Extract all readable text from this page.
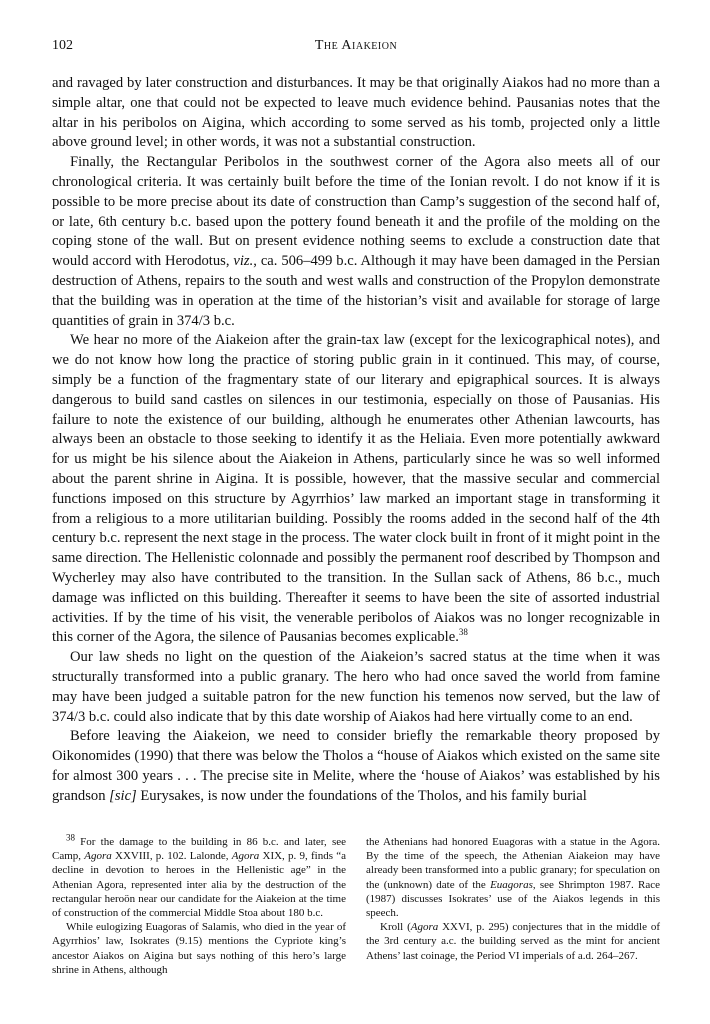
102	The Aiakeion

and ravaged by later construction and disturbances. It may be that originally Aiakos had no more than a simple altar, one that could not be expected to leave much evidence behind. Pausanias notes that the altar in his peribolos on Aigina, which according to some served as his tomb, projected only a little above ground level; in other words, it was not a substantial construction.

Finally, the Rectangular Peribolos in the southwest corner of the Agora also meets all of our chronological criteria. It was certainly built before the time of the Ionian revolt. I do not know if it is possible to be more precise about its date of construction than Camp’s suggestion of the second half of, or late, 6th century b.c. based upon the pottery found beneath it and the profile of the molding on the coping stone of the wall. But on present evidence nothing seems to exclude a construction date that would accord with Herodotus, viz., ca. 506–499 b.c. Although it may have been damaged in the Persian destruction of Athens, repairs to the south and west walls and construction of the Propylon demonstrate that the building was in operation at the time of the historian’s visit and available for storage of large quantities of grain in 374/3 b.c.

We hear no more of the Aiakeion after the grain-tax law (except for the lexicographical notes), and we do not know how long the practice of storing public grain in it continued. This may, of course, simply be a function of the fragmentary state of our literary and epigraphical sources. It is always dangerous to build sand castles on silences in our testimonia, especially on those of Pausanias. His failure to note the existence of our building, although he enumerates other Athenian lawcourts, has always been an obstacle to those seeking to identify it as the Heliaia. Even more potentially awkward for us might be his silence about the Aiakeion in Athens, particularly since he was so well informed about the parent shrine in Aigina. It is possible, however, that the massive secular and commercial functions imposed on this structure by Agyrrhios’ law marked an important stage in transforming it from a religious to a more utilitarian building. Possibly the rooms added in the second half of the 4th century b.c. represent the next stage in the process. The water clock built in front of it might point in the same direction. The Hellenistic colonnade and possibly the permanent roof described by Thompson and Wycherley may also have contributed to the transition. In the Sullan sack of Athens, 86 b.c., much damage was inflicted on this building. Thereafter it seems to have been the site of assorted industrial activities. If by the time of his visit, the venerable peribolos of Aiakos was no longer recognizable in this corner of the Agora, the silence of Pausanias becomes explicable.$^{38}$

Our law sheds no light on the question of the Aiakeion’s sacred status at the time when it was structurally transformed into a public granary. The hero who had once saved the world from famine may have been judged a suitable patron for the new function his temenos now served, but the law of 374/3 b.c. could also indicate that by this date worship of Aiakos had here virtually come to an end.

Before leaving the Aiakeion, we need to consider briefly the remarkable theory proposed by Oikonomides (1990) that there was below the Tholos a “house of Aiakos which existed on the same site for almost 300 years . . . The precise site in Melite, where the ‘house of Aiakos’ was established by his grandson [sic] Eurysakes, is now under the foundations of the Tholos, and his family burial

$^{38}$ For the damage to the building in 86 b.c. and later, see Camp, Agora XXVIII, p. 102. Lalonde, Agora XIX, p. 9, finds “a decline in devotion to heroes in the Hellenistic age” in the Athenian Agora, represented inter alia by the destruction of the rectangular heroön near our candidate for the Aiakeion at the time of construction of the commercial Middle Stoa about 180 b.c.

While eulogizing Euagoras of Salamis, who died in the year of Agyrrhios’ law, Isokrates (9.15) mentions the Cypriote king’s ancestor Aiakos on Aigina but says nothing of this hero’s large shrine in Athens, although

the Athenians had honored Euagoras with a statue in the Agora. By the time of the speech, the Athenian Aiakeion may have already been transformed into a public granary; for speculation on the (unknown) date of the Euagoras, see Shrimpton 1987. Race (1987) discusses Isokrates’ use of the Aiakos legends in this speech.

Kroll (Agora XXVI, p. 295) conjectures that in the middle of the 3rd century a.c. the building served as the mint for ancient Athens’ last coinage, the Period VI imperials of a.d. 264–267.
